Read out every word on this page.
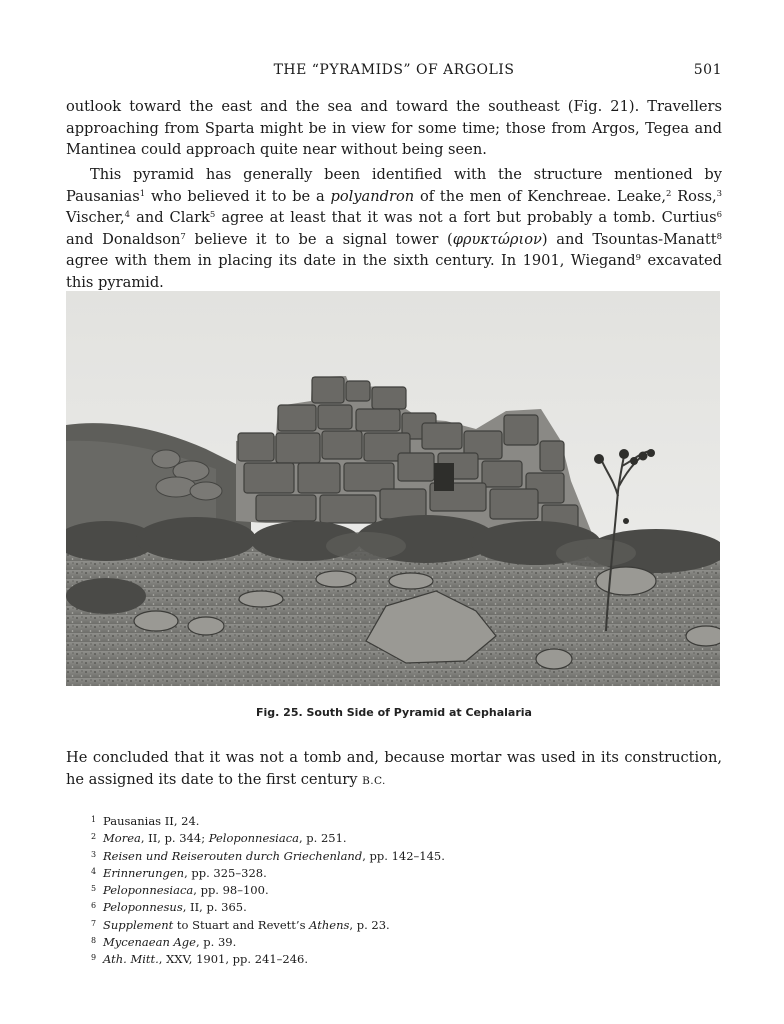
THE “PYRAMIDS” OF ARGOLIS	501

outlook toward the east and the sea and toward the southeast (Fig. 21). Travellers approaching from Sparta might be in view for some time; those from Argos, Tegea and Mantinea could approach quite near without being seen.

This pyramid has generally been identified with the structure mentioned by Pausanias$^1$ who believed it to be a polyandron of the men of Kenchreae. Leake,$^2$ Ross,$^3$ Vischer,$^4$ and Clark$^5$ agree at least that it was not a fort but probably a tomb. Curtius$^6$ and Donaldson$^7$ believe it to be a signal tower (φρυκτώριον) and Tsountas-Manatt$^8$ agree with them in placing its date in the sixth century. In 1901, Wiegand$^9$ excavated this pyramid.

Fig. 25. South Side of Pyramid at Cephalaria

He concluded that it was not a tomb and, because mortar was used in its construction, he assigned its date to the first century B.C.

1 Pausanias II, 24.
2 Morea, II, p. 344; Peloponnesiaca, p. 251.
3 Reisen und Reiserouten durch Griechenland, pp. 142–145.
4 Erinnerungen, pp. 325–328.
5 Peloponnesiaca, pp. 98–100.
6 Peloponnesus, II, p. 365.
7 Supplement to Stuart and Revett’s Athens, p. 23.
8 Mycenaean Age, p. 39.
9 Ath. Mitt., XXV, 1901, pp. 241–246.
